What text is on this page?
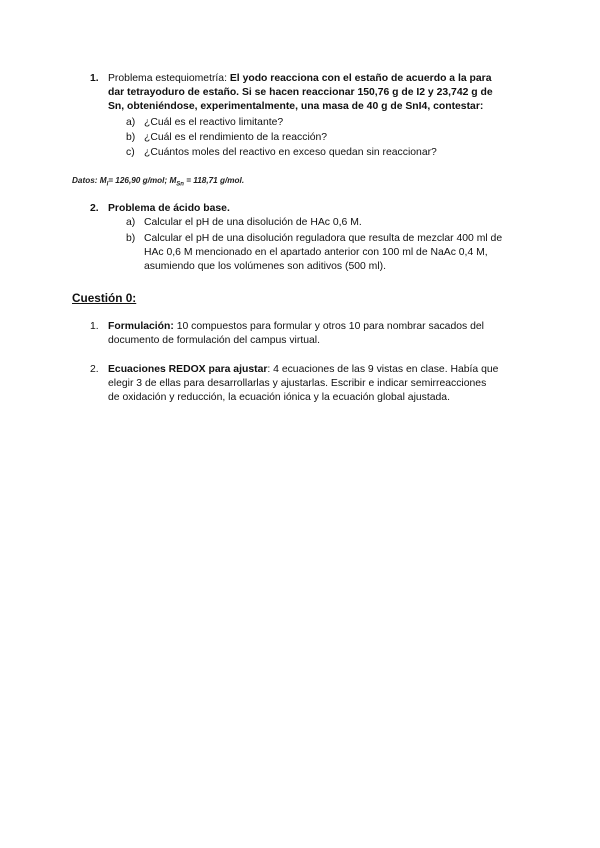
1. Problema estequiometría: El yodo reacciona con el estaño de acuerdo a la para
dar tetrayoduro de estaño. Si se hacen reaccionar 150,76 g de I2 y 23,742 g de
Sn, obteniéndose, experimentalmente, una masa de 40 g de SnI4, contestar:
a) ¿Cuál es el reactivo limitante?
b) ¿Cuál es el rendimiento de la reacción?
c) ¿Cuántos moles del reactivo en exceso quedan sin reaccionar?
Datos: $M_I= 126,90$ g/mol; $M_{Sn} = 118,71$ g/mol.
2. Problema de ácido base.
a) Calcular el pH de una disolución de HAc 0,6 M.
b) Calcular el pH de una disolución reguladora que resulta de mezclar 400 ml de
HAc 0,6 M mencionado en el apartado anterior con 100 ml de NaAc 0,4 M,
asumiendo que los volúmenes son aditivos (500 ml).
Cuestión 0:
1. Formulación: 10 compuestos para formular y otros 10 para nombrar sacados del
documento de formulación del campus virtual.
2. Ecuaciones REDOX para ajustar: 4 ecuaciones de las 9 vistas en clase. Había que
elegir 3 de ellas para desarrollarlas y ajustarlas. Escribir e indicar semirreacciones
de oxidación y reducción, la ecuación iónica y la ecuación global ajustada.
